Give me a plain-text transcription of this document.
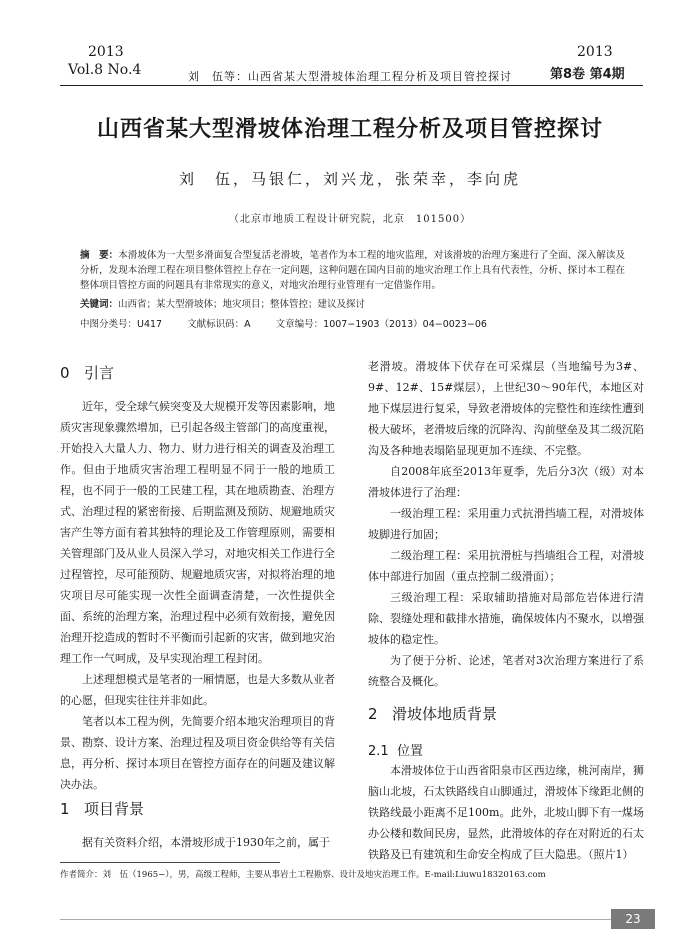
2013
Vol.8 No.4	刘　伍等：山西省某大型滑坡体治理工程分析及项目管控探讨
2013
第8卷 第4期
山西省某大型滑坡体治理工程分析及项目管控探讨
刘　伍，马银仁，刘兴龙，张荣幸，李向虎
（北京市地质工程设计研究院，北京　101500）
摘　要：本滑坡体为一大型多滑面复合型复活老滑坡，笔者作为本工程的地灾监理，对该滑坡的治理方案进行了全面、深入解读及分析，发现本治理工程在项目整体管控上存在一定问题，这种问题在国内目前的地灾治理工作上具有代表性，分析、探讨本工程在整体项目管控方面的问题具有非常现实的意义，对地灾治理行业管理有一定借鉴作用。
关键词：山西省；某大型滑坡体；地灾项目；整体管控；建议及探讨
中图分类号：U417	文献标识码：A	文章编号：1007−1903（2013）04−0023−06
0 引言

近年，受全球气候突变及大规模开发等因素影响，地质灾害现象骤然增加，已引起各级主管部门的高度重视，开始投入大量人力、物力、财力进行相关的调查及治理工作。但由于地质灾害治理工程明显不同于一般的地质工程，也不同于一般的工民建工程，其在地质勘查、治理方式、治理过程的紧密衔接、后期监测及预防、规避地质灾害产生等方面有着其独特的理论及工作管理原则，需要相关管理部门及从业人员深入学习，对地灾相关工作进行全过程管控，尽可能预防、规避地质灾害，对拟将治理的地灾项目尽可能实现一次性全面调查清楚，一次性提供全面、系统的治理方案，治理过程中必须有效衔接，避免因治理开挖造成的暂时不平衡而引起新的灾害，做到地灾治理工作一气呵成，及早实现治理工程封闭。

上述理想模式是笔者的一厢情愿，也是大多数从业者的心愿，但现实往往并非如此。

笔者以本工程为例，先简要介绍本地灾治理项目的背景、勘察、设计方案、治理过程及项目资金供给等有关信息，再分析、探讨本项目在管控方面存在的问题及建议解决办法。

1 项目背景

据有关资料介绍，本滑坡形成于1930年之前，属于

老滑坡。滑坡体下伏存在可采煤层（当地编号为3#、9#、12#、15#煤层），上世纪30～90年代，本地区对地下煤层进行复采，导致老滑坡体的完整性和连续性遭到极大破坏，老滑坡后缘的沉降沟、沟前壁垒及其二级沉陷沟及各种地表塌陷显现更加不连续、不完整。

自2008年底至2013年夏季，先后分3次（级）对本滑坡体进行了治理：

一级治理工程：采用重力式抗滑挡墙工程，对滑坡体坡脚进行加固；

二级治理工程：采用抗滑桩与挡墙组合工程，对滑坡体中部进行加固（重点控制二级滑面）；

三级治理工程：采取辅助措施对局部危岩体进行清除、裂缝处理和截排水措施，确保坡体内不聚水，以增强坡体的稳定性。

为了便于分析、论述，笔者对3次治理方案进行了系统整合及概化。

2 滑坡体地质背景
2.1 位置

本滑坡体位于山西省阳泉市区西边缘，桃河南岸，狮脑山北坡，石太铁路线自山脚通过，滑坡体下缘距北侧的铁路线最小距离不足100m。此外，北坡山脚下有一煤场办公楼和数间民房，显然，此滑坡体的存在对附近的石太铁路及已有建筑和生命安全构成了巨大隐患。（照片1）

作者简介：刘　伍（1965−），男，高级工程师，主要从事岩土工程勘察、设计及地灾治理工作。E-mail:Liuwu18320163.com
23
